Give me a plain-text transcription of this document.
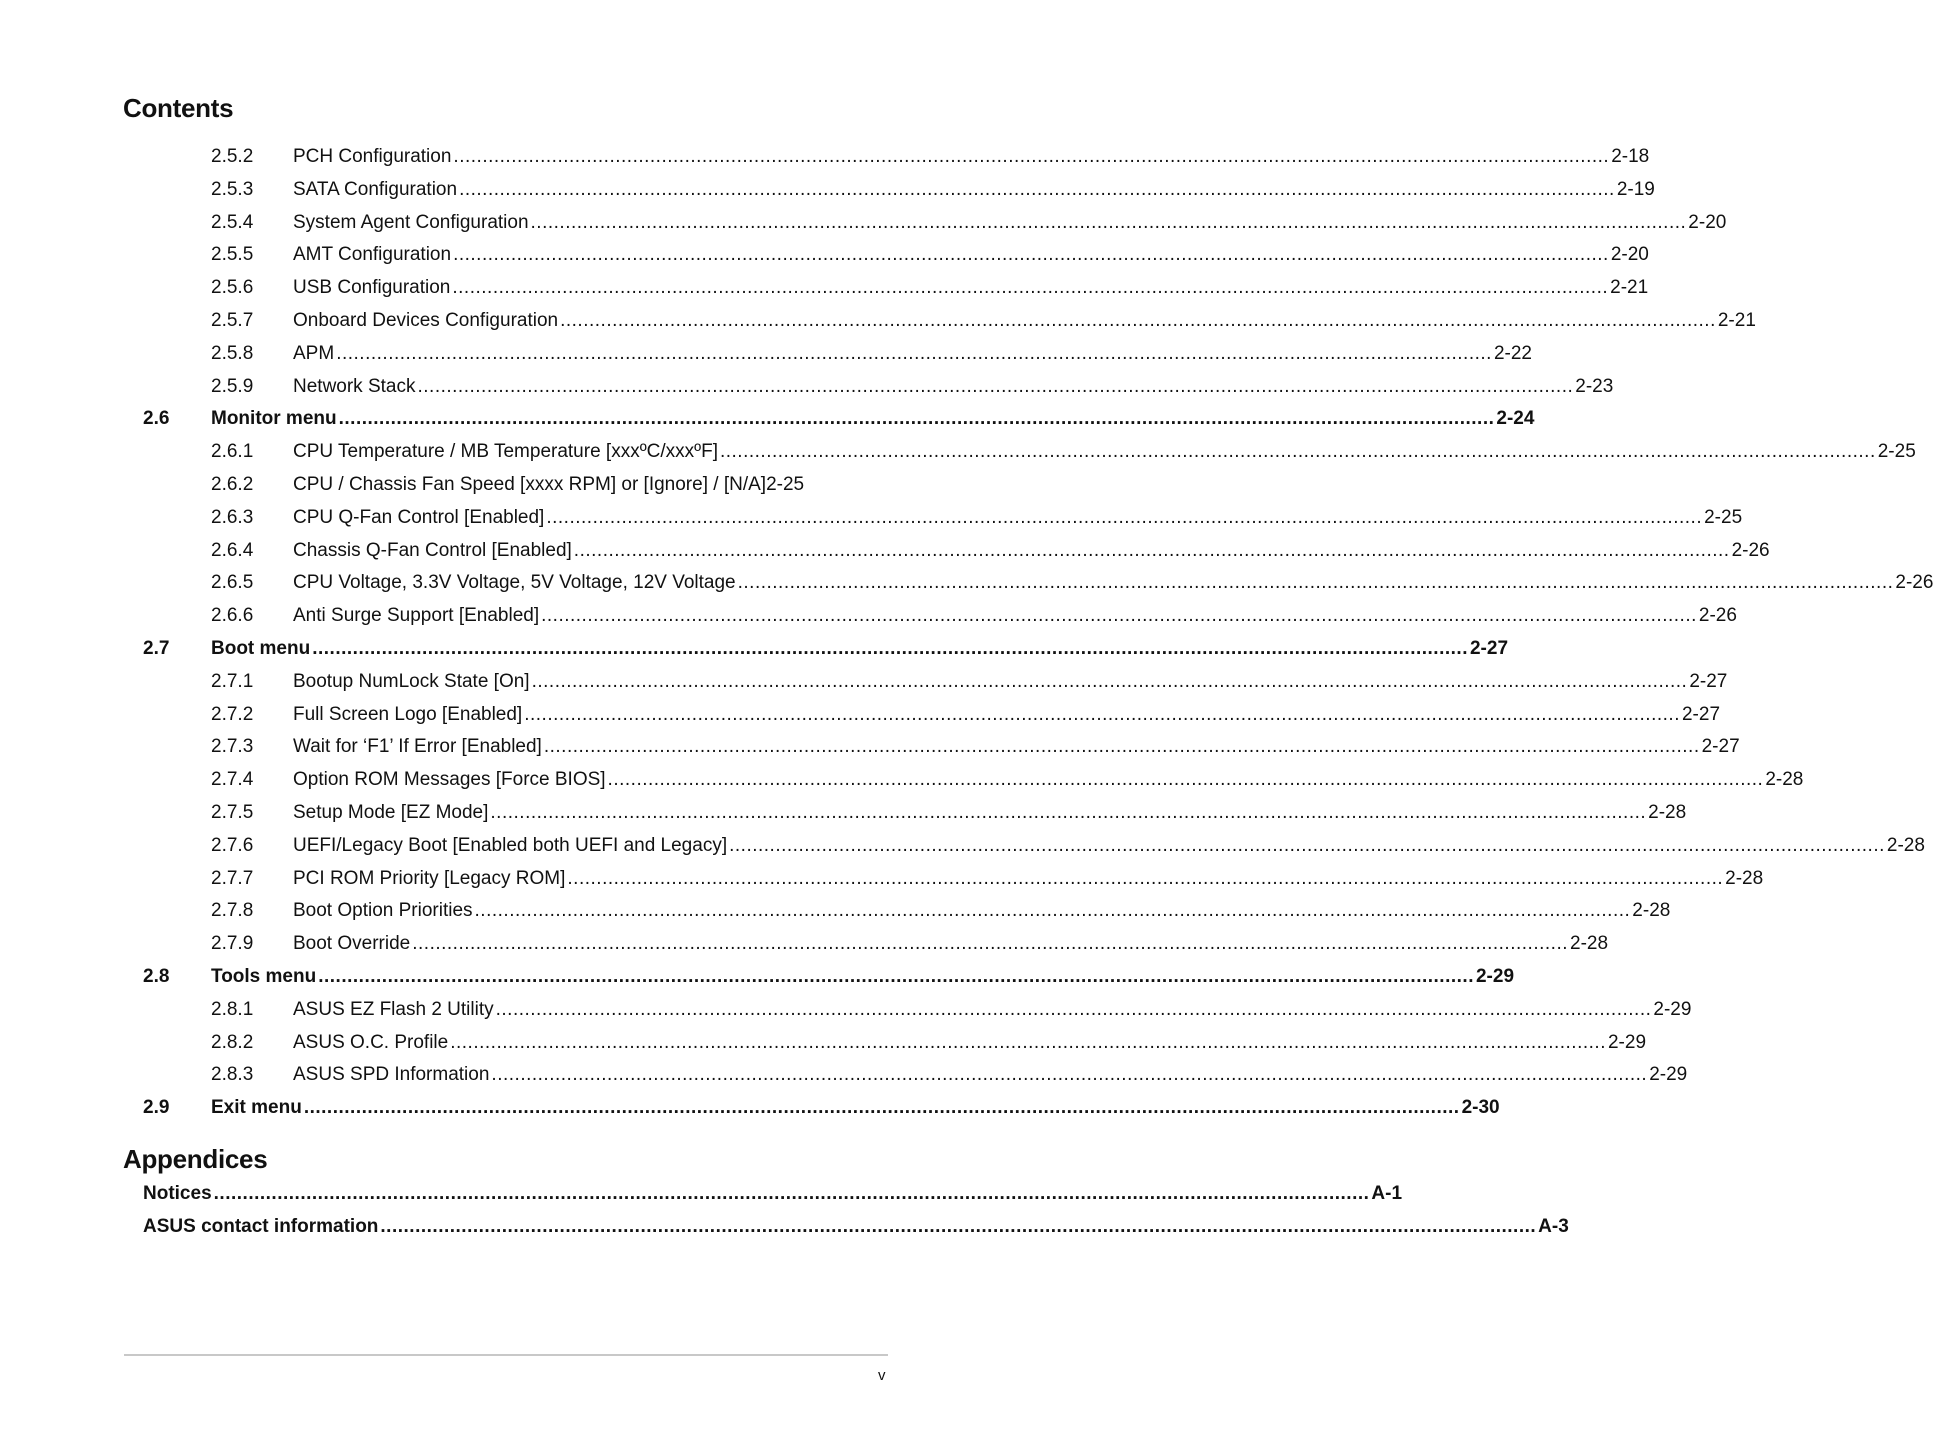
Contents
2.5.2 PCH Configuration ........................................................................................................................................................................................................ 2-18
2.5.3 SATA Configuration ........................................................................................................................................................................................................ 2-19
2.5.4 System Agent Configuration ........................................................................................................................................................................................................ 2-20
2.5.5 AMT Configuration ........................................................................................................................................................................................................ 2-20
2.5.6 USB Configuration ........................................................................................................................................................................................................ 2-21
2.5.7 Onboard Devices Configuration ........................................................................................................................................................................................................ 2-21
2.5.8 APM ........................................................................................................................................................................................................ 2-22
2.5.9 Network Stack ........................................................................................................................................................................................................ 2-23
2.6 Monitor menu ........................................................................................................................................................................................................ 2-24
2.6.1 CPU Temperature / MB Temperature [xxxºC/xxxºF] ........................................................................................................................................................................................................ 2-25
2.6.2 CPU / Chassis Fan Speed [xxxx RPM] or [Ignore] / [N/A] 2-25
2.6.3 CPU Q-Fan Control [Enabled] ........................................................................................................................................................................................................ 2-25
2.6.4 Chassis Q-Fan Control [Enabled] ........................................................................................................................................................................................................ 2-26
2.6.5 CPU Voltage, 3.3V Voltage, 5V Voltage, 12V Voltage ........................................................................................................................................................................................................ 2-26
2.6.6 Anti Surge Support [Enabled] ........................................................................................................................................................................................................ 2-26
2.7 Boot menu ........................................................................................................................................................................................................ 2-27
2.7.1 Bootup NumLock State [On] ........................................................................................................................................................................................................ 2-27
2.7.2 Full Screen Logo [Enabled] ........................................................................................................................................................................................................ 2-27
2.7.3 Wait for ‘F1’ If Error [Enabled] ........................................................................................................................................................................................................ 2-27
2.7.4 Option ROM Messages [Force BIOS] ........................................................................................................................................................................................................ 2-28
2.7.5 Setup Mode [EZ Mode] ........................................................................................................................................................................................................ 2-28
2.7.6 UEFI/Legacy Boot [Enabled both UEFI and Legacy] ........................................................................................................................................................................................................ 2-28
2.7.7 PCI ROM Priority [Legacy ROM] ........................................................................................................................................................................................................ 2-28
2.7.8 Boot Option Priorities ........................................................................................................................................................................................................ 2-28
2.7.9 Boot Override ........................................................................................................................................................................................................ 2-28
2.8 Tools menu ........................................................................................................................................................................................................ 2-29
2.8.1 ASUS EZ Flash 2 Utility ........................................................................................................................................................................................................ 2-29
2.8.2 ASUS O.C. Profile ........................................................................................................................................................................................................ 2-29
2.8.3 ASUS SPD Information ........................................................................................................................................................................................................ 2-29
2.9 Exit menu ........................................................................................................................................................................................................ 2-30
Appendices
Notices ........................................................................................................................................................................................................ A-1
ASUS contact information ........................................................................................................................................................................................................ A-3
v
